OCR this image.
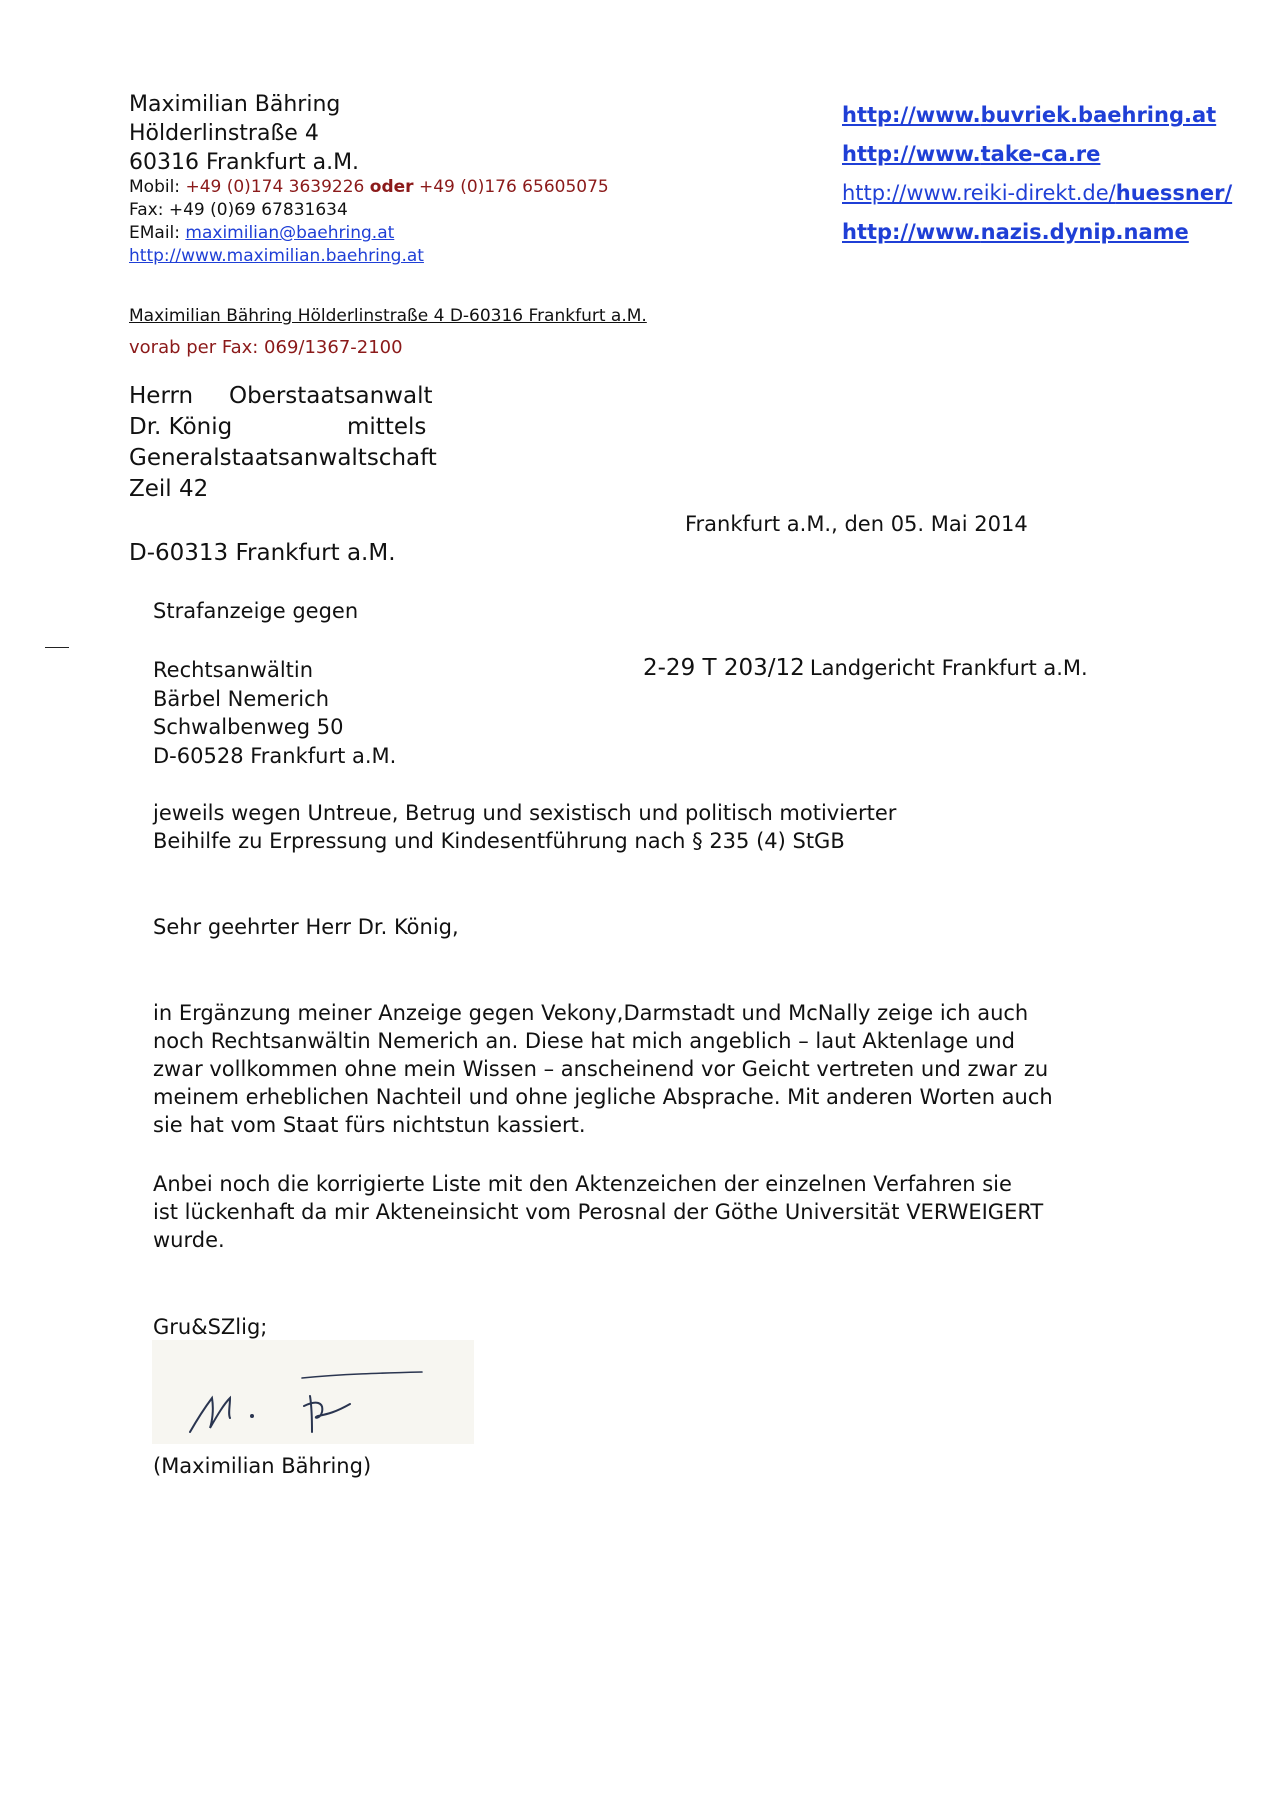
Maximilian Bähring
Hölderlinstraße 4
60316 Frankfurt a.M.
Mobil: +49 (0)174 3639226 oder +49 (0)176 65605075
Fax: +49 (0)69 67831634
EMail: maximilian@baehring.at
http://www.maximilian.baehring.at
http://www.buvriek.baehring.at
http://www.take-ca.re
http://www.reiki-direkt.de/huessner/
http://www.nazis.dynip.name
Maximilian Bähring Hölderlinstraße 4 D-60316 Frankfurt a.M.
vorab per Fax: 069/1367-2100
Herrn Oberstaatsanwalt
Dr. König	mittels
Generalstaatsanwaltschaft
Zeil 42
D-60313 Frankfurt a.M.
Frankfurt a.M., den 05. Mai 2014
Strafanzeige gegen
Rechtsanwältin
Bärbel Nemerich
Schwalbenweg 50
D-60528 Frankfurt a.M.
2-29 T 203/12 Landgericht Frankfurt a.M.
jeweils wegen Untreue, Betrug und sexistisch und politisch motivierter
Beihilfe zu Erpressung und Kindesentführung nach § 235 (4) StGB
Sehr geehrter Herr Dr. König,
in Ergänzung meiner Anzeige gegen Vekony,Darmstadt und McNally zeige ich auch
noch Rechtsanwältin Nemerich an. Diese hat mich angeblich – laut Aktenlage und
zwar vollkommen ohne mein Wissen – anscheinend vor Geicht vertreten und zwar zu
meinem erheblichen Nachteil und ohne jegliche Absprache. Mit anderen Worten auch
sie hat vom Staat fürs nichtstun kassiert.
Anbei noch die korrigierte Liste mit den Aktenzeichen der einzelnen Verfahren sie
ist lückenhaft da mir Akteneinsicht vom Perosnal der Göthe Universität VERWEIGERT
wurde.
Gru&SZlig;
(Maximilian Bähring)
